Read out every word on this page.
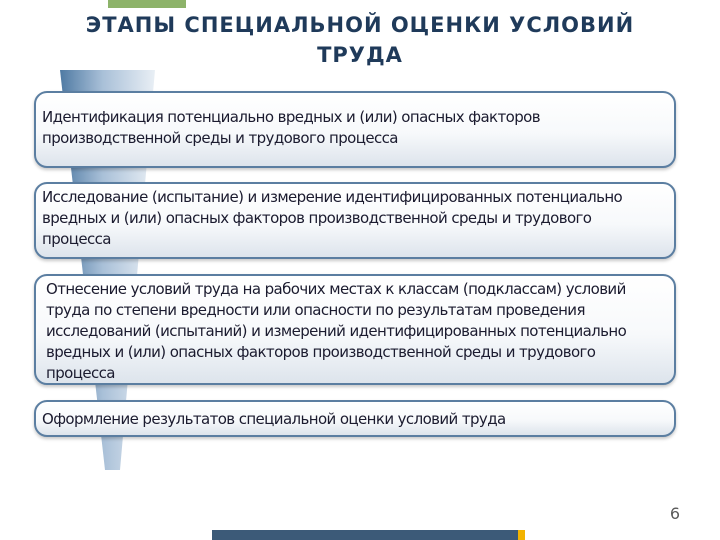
ЭТАПЫ СПЕЦИАЛЬНОЙ ОЦЕНКИ УСЛОВИЙ
ТРУДА
Идентификация потенциально вредных и (или) опасных факторов
производственной среды и трудового процесса
Исследование (испытание) и измерение идентифицированных потенциально
вредных и (или) опасных факторов производственной среды и трудового
процесса
Отнесение условий труда на рабочих местах к классам (подклассам) условий
труда по степени вредности или опасности по результатам проведения
исследований (испытаний) и измерений идентифицированных потенциально
вредных и (или) опасных факторов производственной среды и трудового
процесса
Оформление результатов специальной оценки условий труда
6
